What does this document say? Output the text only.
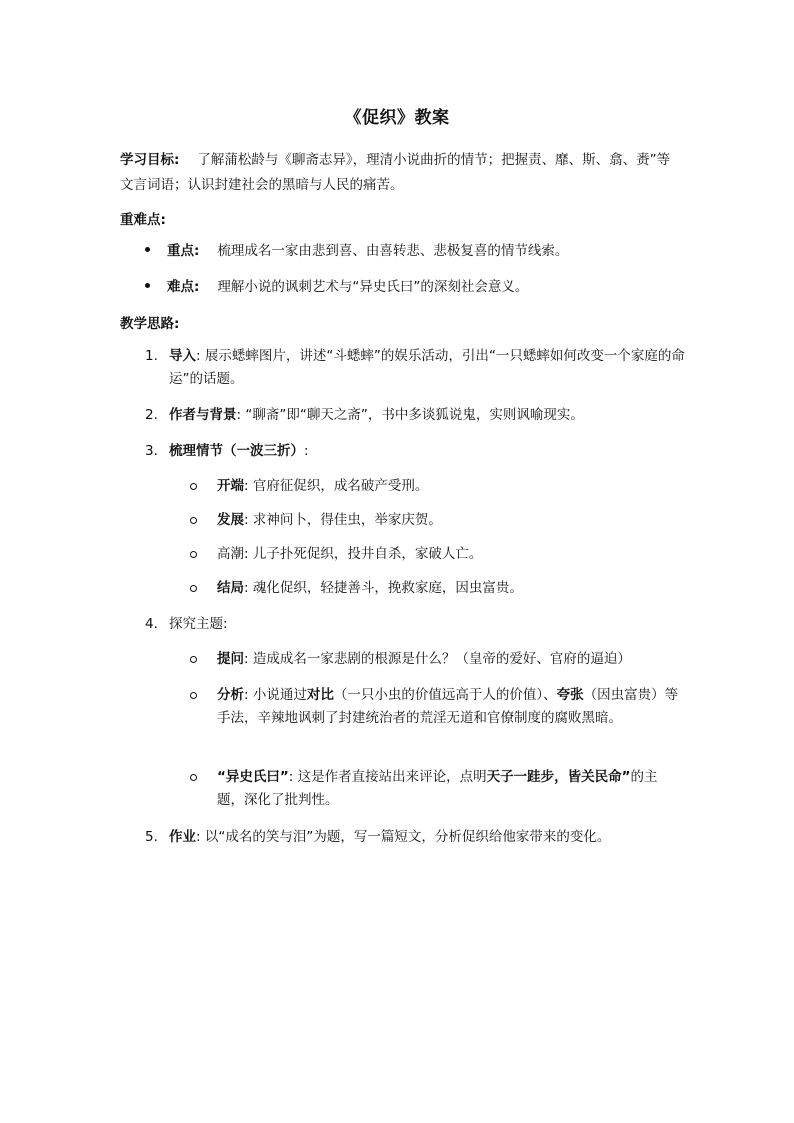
《促织》教案
学习目标: 了解蒲松龄与《聊斋志异》，理清小说曲折的情节；把握责、靡、斯、翕、赉”等文言词语；认识封建社会的黑暗与人民的痛苦。
重难点:
重点: 梳理成名一家由悲到喜、由喜转悲、悲极复喜的情节线索。
难点: 理解小说的讽刺艺术与“异史氏曰”的深刻社会意义。
教学思路:
1. 导入: 展示蟋蟀图片，讲述“斗蟋蟀”的娱乐活动，引出“一只蟋蟀如何改变一个家庭的命运”的话题。
2. 作者与背景: “聊斋”即“聊天之斋”，书中多谈狐说鬼，实则讽喻现实。
3. 梳理情节（一波三折）:
开端: 官府征促织，成名破产受刑。
发展: 求神问卜，得佳虫，举家庆贺。
高潮: 儿子扑死促织，投井自杀，家破人亡。
结局: 魂化促织，轻捷善斗，挽救家庭，因虫富贵。
4. 探究主题:
提问: 造成成名一家悲剧的根源是什么？（皇帝的爱好、官府的逼迫）
分析: 小说通过对比（一只小虫的价值远高于人的价值）、夸张（因虫富贵）等手法，辛辣地讽刺了封建统治者的荒淫无道和官僚制度的腐败黑暗。
“异史氏曰”: 这是作者直接站出来评论，点明天子一跬步，皆关民命”的主题，深化了批判性。
5. 作业: 以“成名的笑与泪”为题，写一篇短文，分析促织给他家带来的变化。
